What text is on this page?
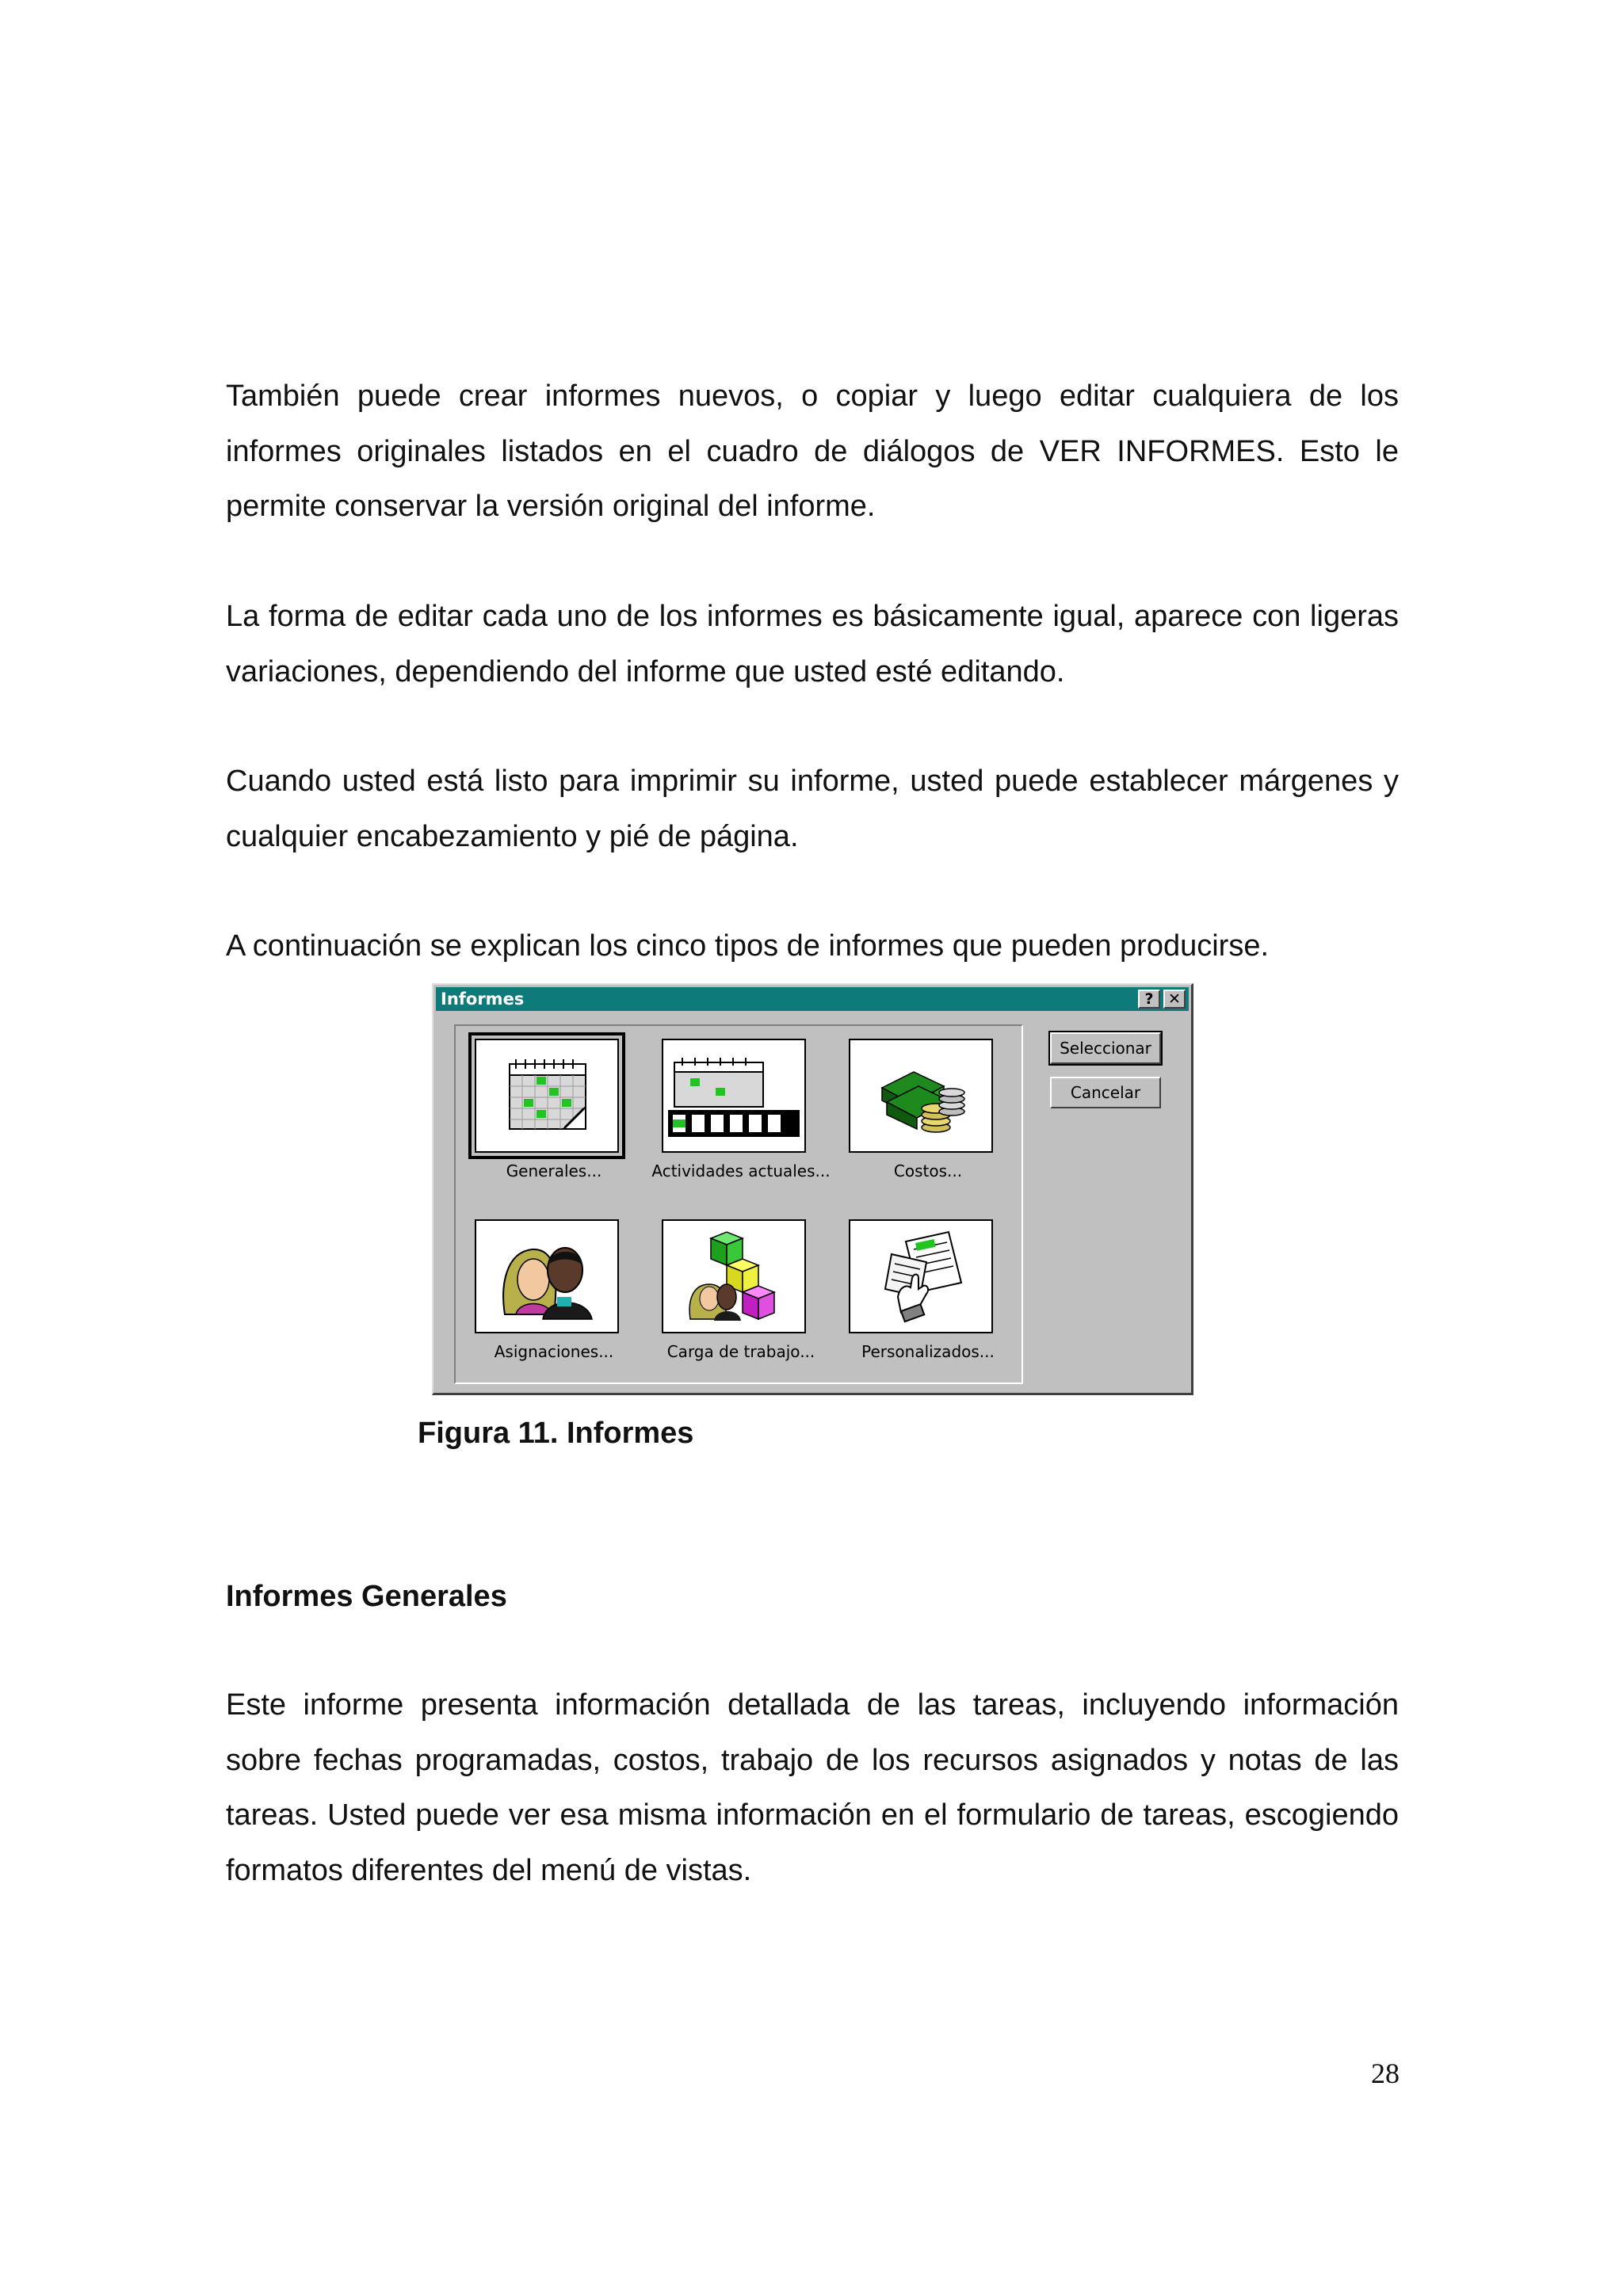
También puede crear informes nuevos, o copiar y luego editar cualquiera de los informes originales listados en el cuadro de diálogos de VER INFORMES. Esto le permite conservar la versión original del informe.

La forma de editar cada uno de los informes es básicamente igual, aparece con ligeras variaciones, dependiendo del informe que usted esté editando.

Cuando usted está listo para imprimir su informe, usted puede establecer márgenes y cualquier encabezamiento y pié de página.

A continuación se explican los cinco tipos de informes que pueden producirse.

Informes	? ✕
Generales...	Actividades actuales...	Costos...
Asignaciones...	Carga de trabajo...	Personalizados...
Seleccionar
Cancelar

Figura 11. Informes

Informes Generales

Este informe presenta información detallada de las tareas, incluyendo información sobre fechas programadas, costos, trabajo de los recursos asignados y notas de las tareas. Usted puede ver esa misma información en el formulario de tareas, escogiendo formatos diferentes del menú de vistas.

28
